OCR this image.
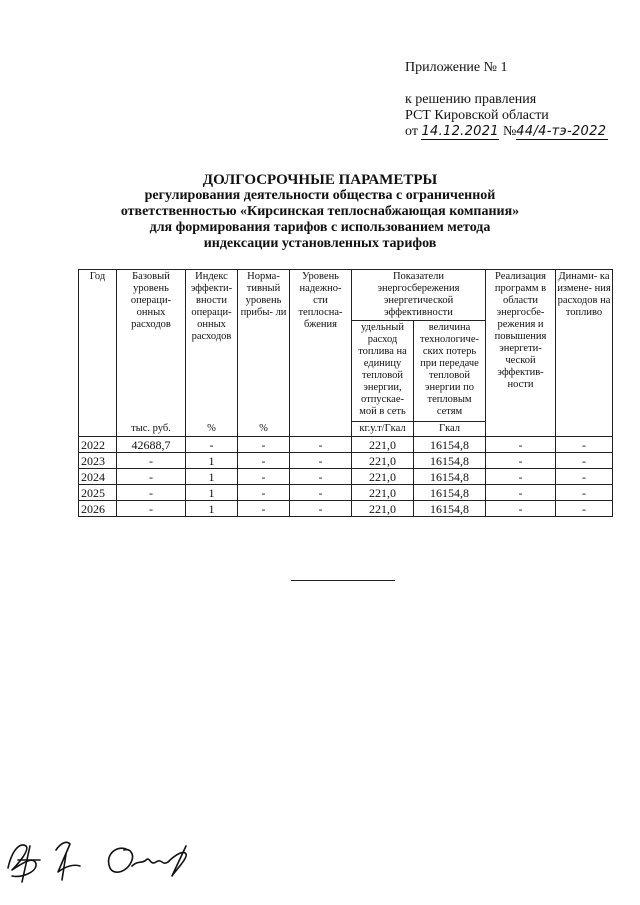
Приложение № 1
к решению правления
РСТ Кировской области
от 14.12.2021 №44/4-тэ-2022
ДОЛГОСРОЧНЫЕ ПАРАМЕТРЫ
регулирования деятельности общества с ограниченной
ответственностью «Кирсинская теплоснабжающая компания»
для формирования тарифов с использованием метода
индексации установленных тарифов
Год	Базовый уровень операци- онных расходов	Индекс эффекти- вности операци- онных расходов	Норма- тивный уровень прибы- ли	Уровень надежно- сти теплосна- бжения	Показатели энергосбережения энергетической эффективности		Реализация программ в области энергосбе- режения и повышения энергети- ческой эффектив- ности	Динами- ка измене- ния расходов на топливо
					удельный расход топлива на единицу тепловой энергии, отпускае- мой в сеть	величина технологиче- ских потерь при передаче тепловой энергии по тепловым сетям		
	тыс. руб.	%	%		кг.у.т/Гкал	Гкал		
2022	42688,7	-	-	-	221,0	16154,8	-	-
2023	-	1	-	-	221,0	16154,8	-	-
2024	-	1	-	-	221,0	16154,8	-	-
2025	-	1	-	-	221,0	16154,8	-	-
2026	-	1	-	-	221,0	16154,8	-	-
